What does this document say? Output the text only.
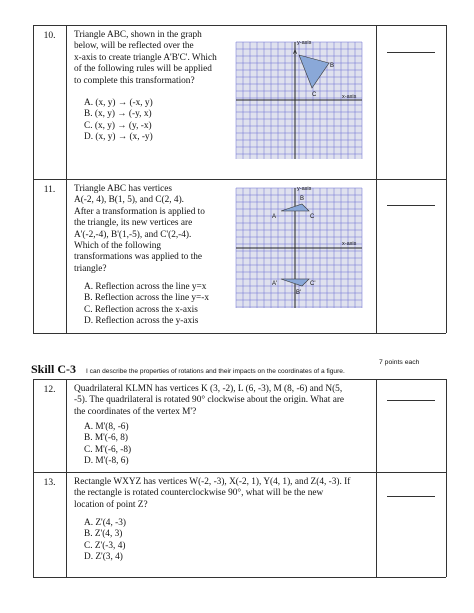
10.	Triangle ABC, shown in the graph
below, will be reflected over the
x-axis to create triangle A'B'C'. Which
of the following rules will be applied
to complete this transformation?
A. (x, y) → (-x, y)
B. (x, y) → (-y, x)
C. (x, y) → (y, -x)
D. (x, y) → (x, -y)
y-axis
x-axis
A
B
C
11.	Triangle ABC has vertices
A(-2, 4), B(1, 5), and C(2, 4).
After a transformation is applied to
the triangle, its new vertices are
A'(-2,-4), B'(1,-5), and C'(2,-4).
Which of the following
transformations was applied to the
triangle?
A. Reflection across the line y=x
B. Reflection across the line y=-x
C. Reflection across the x-axis
D. Reflection across the y-axis
y-axis
x-axis
A
B
C
A'
B'
C'
Skill C-3 I can describe the properties of rotations and their impacts on the coordinates of a figure.
7 points each
12.	Quadrilateral KLMN has vertices K (3, -2), L (6, -3), M (8, -6) and N(5,
-5). The quadrilateral is rotated 90° clockwise about the origin. What are
the coordinates of the vertex M'?
A. M'(8, -6)
B. M'(-6, 8)
C. M'(-6, -8)
D. M'(-8, 6)
13.	Rectangle WXYZ has vertices W(-2, -3), X(-2, 1), Y(4, 1), and Z(4, -3). If
the rectangle is rotated counterclockwise 90°, what will be the new
location of point Z?
A. Z'(4, -3)
B. Z'(4, 3)
C. Z'(-3, 4)
D. Z'(3, 4)
